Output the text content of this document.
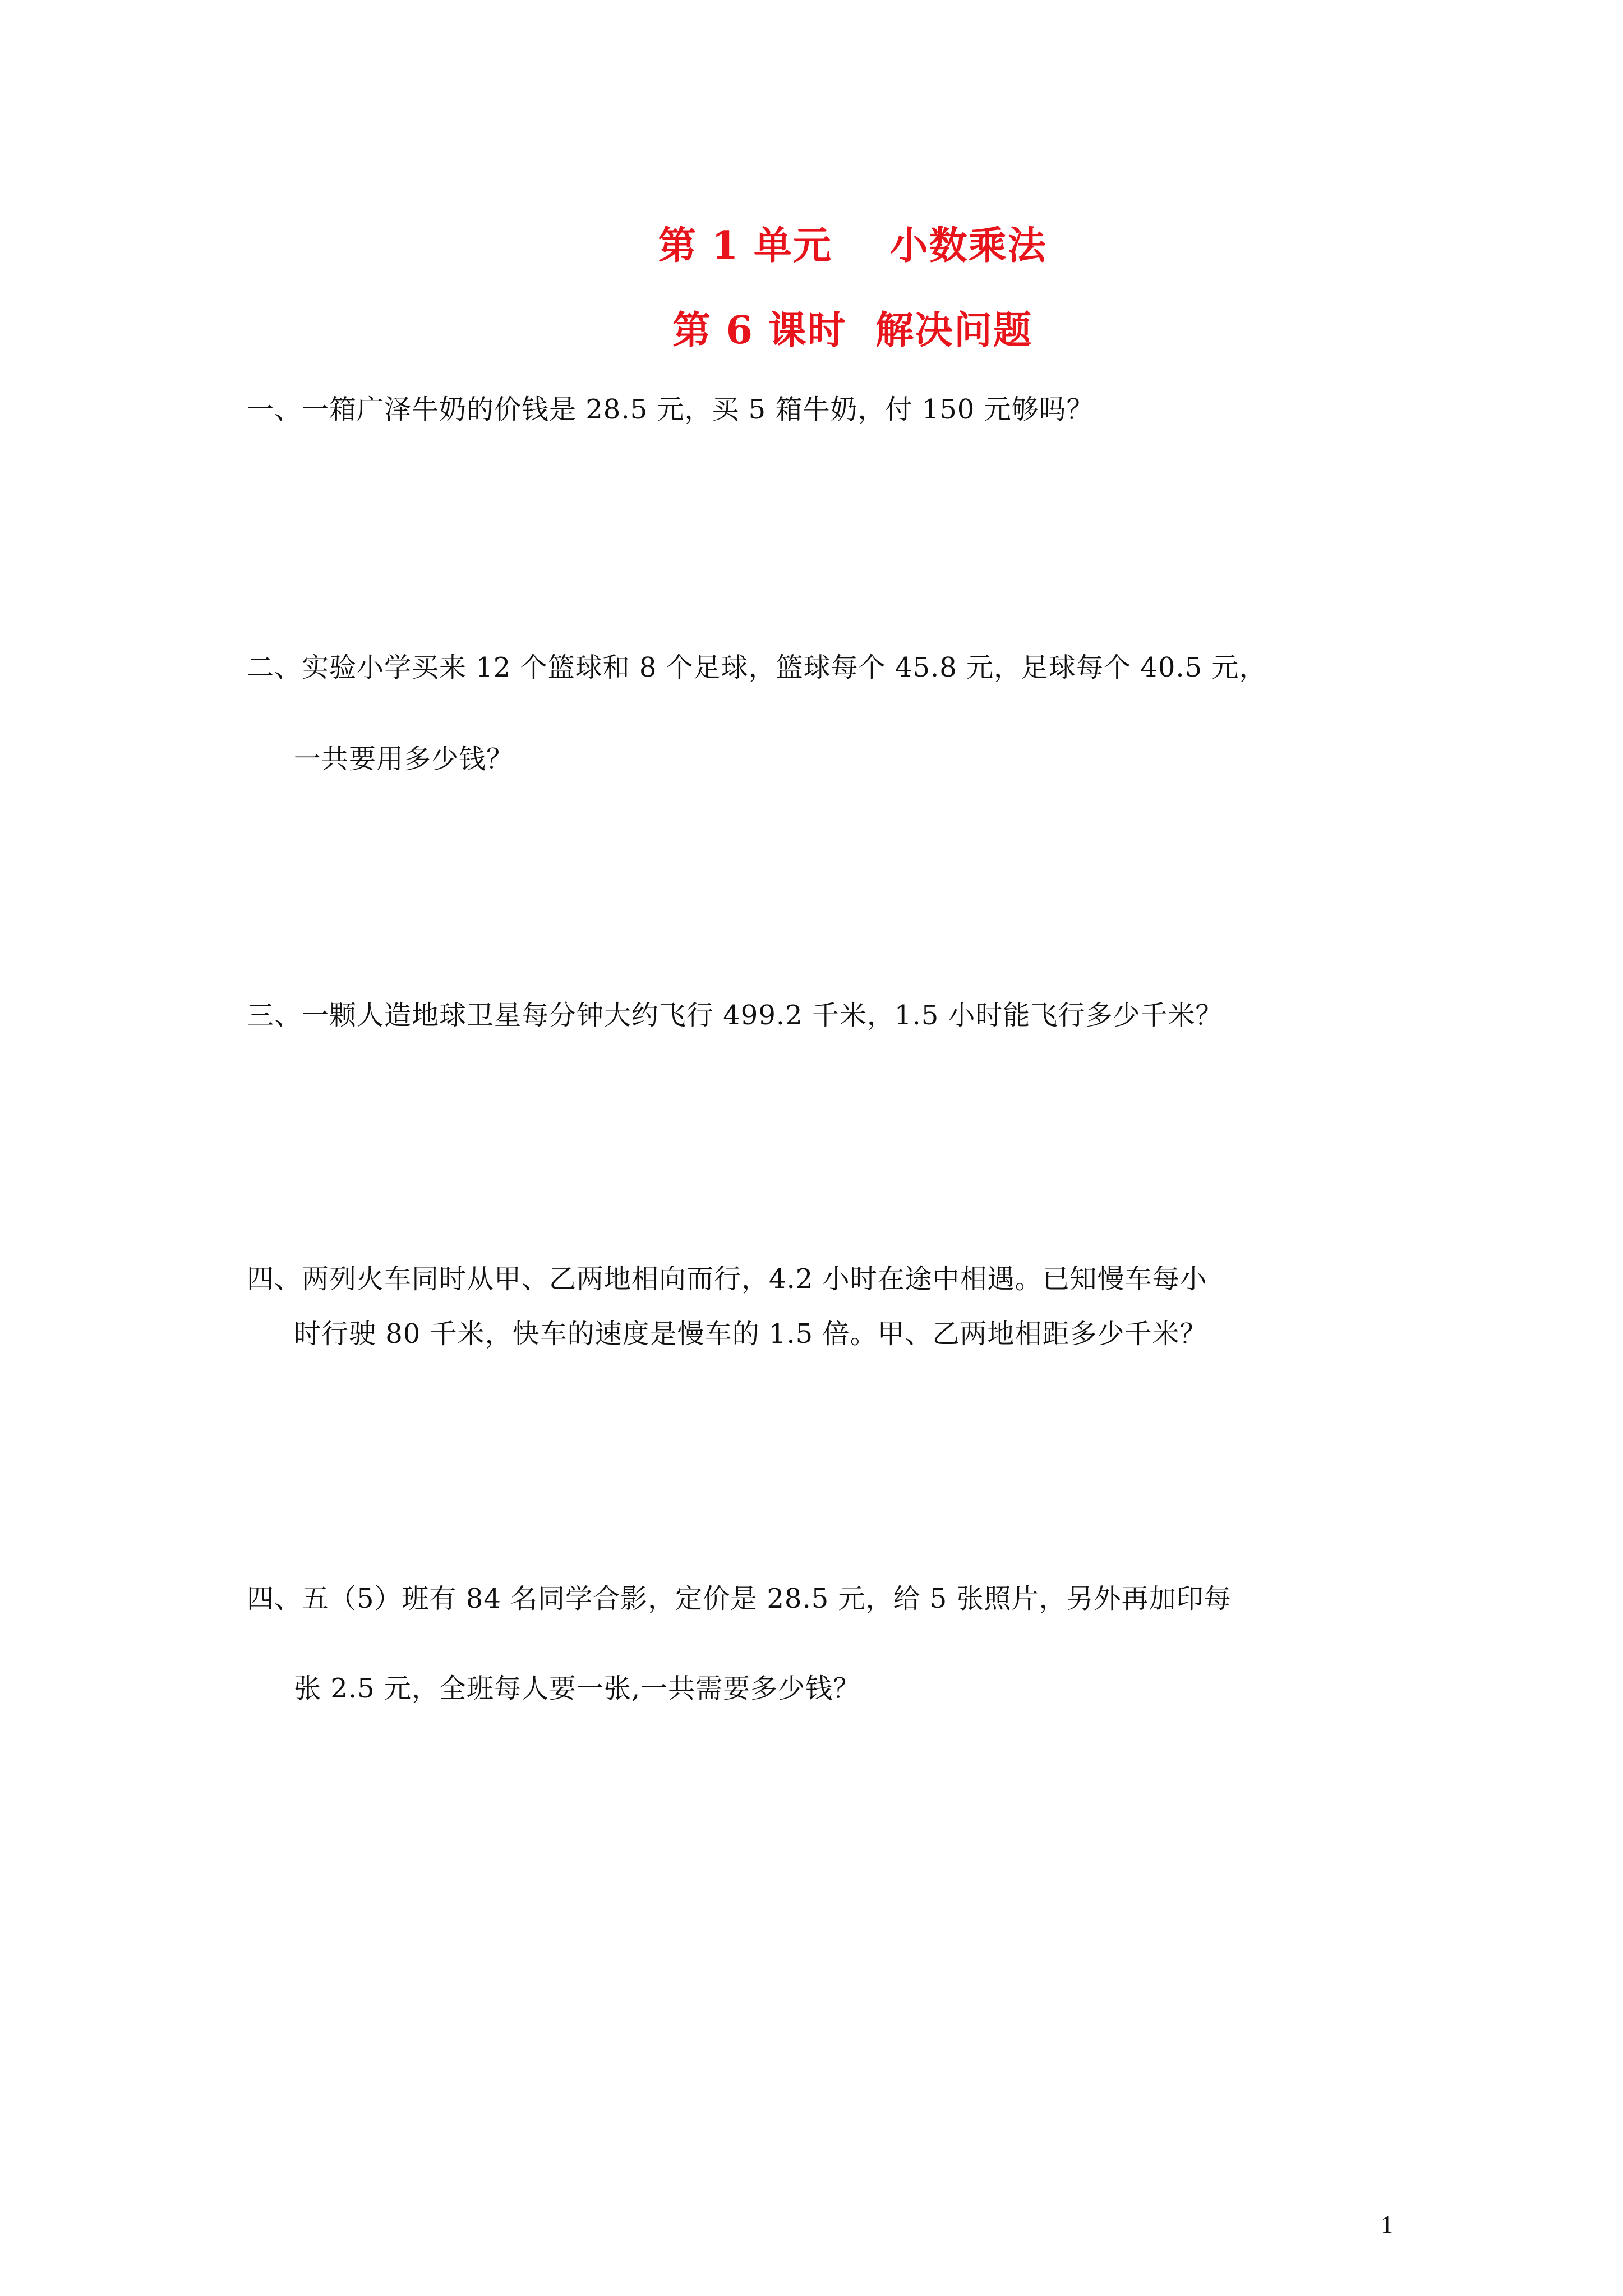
第 1 单元    小数乘法
第 6 课时  解决问题
一、一箱广泽牛奶的价钱是 28.5 元，买 5 箱牛奶，付 150 元够吗？
二、实验小学买来 12 个篮球和 8 个足球，篮球每个 45.8 元，足球每个 40.5 元，
一共要用多少钱？
三、一颗人造地球卫星每分钟大约飞行 499.2 千米，1.5 小时能飞行多少千米？
四、两列火车同时从甲、乙两地相向而行，4.2 小时在途中相遇。已知慢车每小
时行驶 80 千米，快车的速度是慢车的 1.5 倍。甲、乙两地相距多少千米？
四、五（5）班有 84 名同学合影，定价是 28.5 元，给 5 张照片，另外再加印每
张 2.5 元，全班每人要一张,一共需要多少钱？
1
